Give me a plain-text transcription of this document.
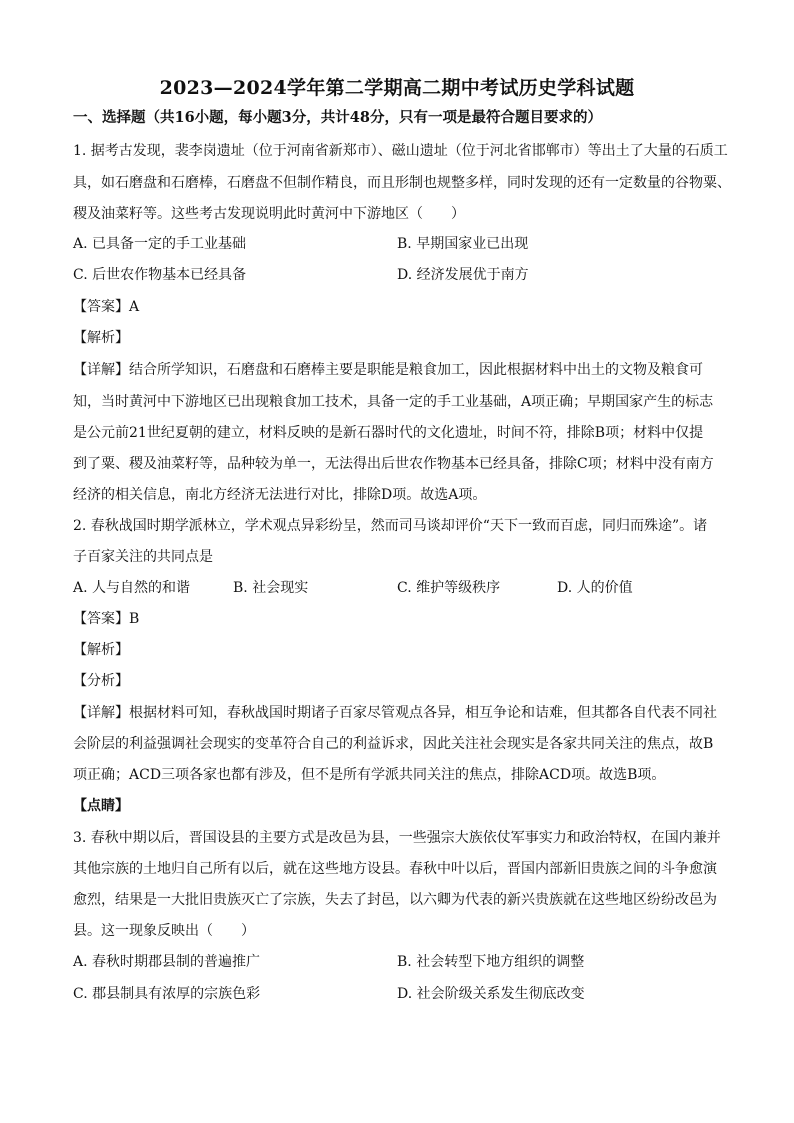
2023—2024学年第二学期高二期中考试历史学科试题
一、选择题（共16小题，每小题3分，共计48分，只有一项是最符合题目要求的）
1. 据考古发现，裴李岗遗址（位于河南省新郑市）、磁山遗址（位于河北省邯郸市）等出土了大量的石质工
具，如石磨盘和石磨棒，石磨盘不但制作精良，而且形制也规整多样，同时发现的还有一定数量的谷物粟、
稷及油菜籽等。这些考古发现说明此时黄河中下游地区（　　）
A. 已具备一定的手工业基础	B. 早期国家业已出现
C. 后世农作物基本已经具备	D. 经济发展优于南方
【答案】A
【解析】
【详解】结合所学知识，石磨盘和石磨棒主要是职能是粮食加工，因此根据材料中出土的文物及粮食可
知，当时黄河中下游地区已出现粮食加工技术，具备一定的手工业基础，A项正确；早期国家产生的标志
是公元前21世纪夏朝的建立，材料反映的是新石器时代的文化遗址，时间不符，排除B项；材料中仅提
到了粟、稷及油菜籽等，品种较为单一，无法得出后世农作物基本已经具备，排除C项；材料中没有南方
经济的相关信息，南北方经济无法进行对比，排除D项。故选A项。
2. 春秋战国时期学派林立，学术观点异彩纷呈，然而司马谈却评价“天下一致而百虑，同归而殊途”。诸
子百家关注的共同点是
A. 人与自然的和谐	B. 社会现实	C. 维护等级秩序	D. 人的价值
【答案】B
【解析】
【分析】
【详解】根据材料可知，春秋战国时期诸子百家尽管观点各异，相互争论和诘难，但其都各自代表不同社
会阶层的利益强调社会现实的变革符合自己的利益诉求，因此关注社会现实是各家共同关注的焦点，故B
项正确；ACD三项各家也都有涉及，但不是所有学派共同关注的焦点，排除ACD项。故选B项。
【点睛】
3. 春秋中期以后，晋国设县的主要方式是改邑为县，一些强宗大族依仗军事实力和政治特权，在国内兼并
其他宗族的土地归自己所有以后，就在这些地方设县。春秋中叶以后，晋国内部新旧贵族之间的斗争愈演
愈烈，结果是一大批旧贵族灭亡了宗族，失去了封邑，以六卿为代表的新兴贵族就在这些地区纷纷改邑为
县。这一现象反映出（　　）
A. 春秋时期郡县制的普遍推广	B. 社会转型下地方组织的调整
C. 郡县制具有浓厚的宗族色彩	D. 社会阶级关系发生彻底改变
